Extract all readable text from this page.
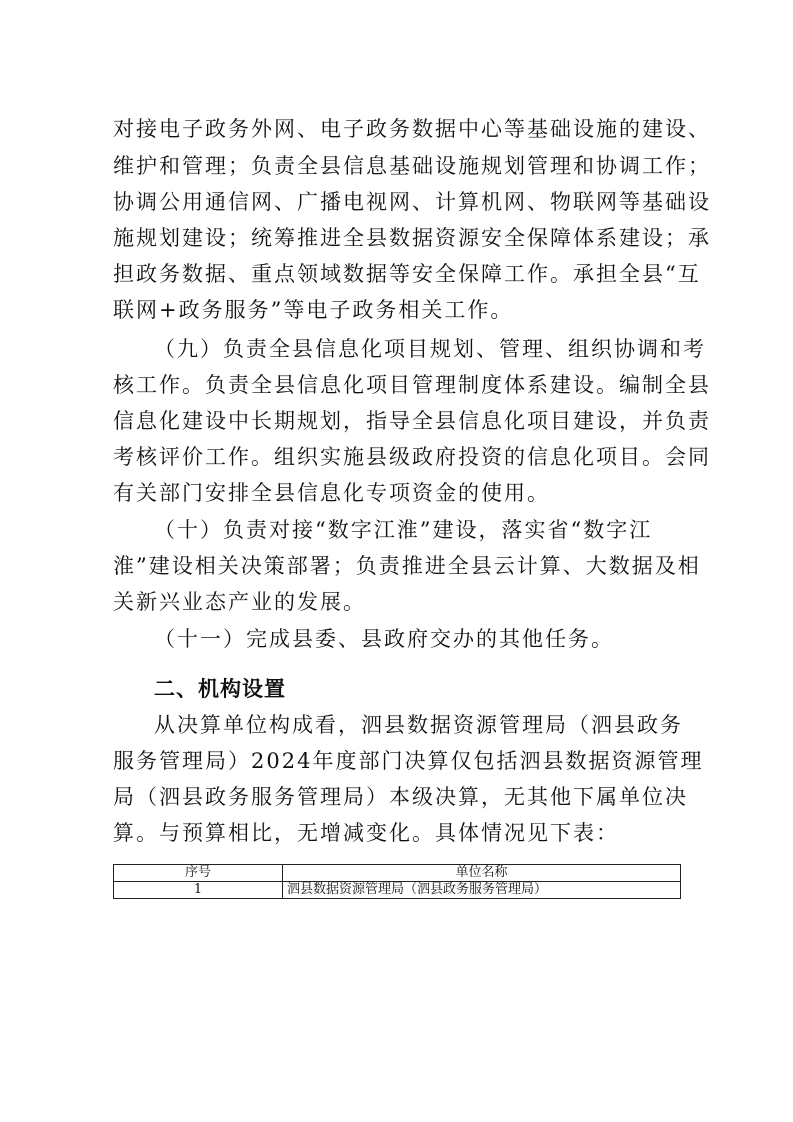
对接电子政务外网、电子政务数据中心等基础设施的建设、
维护和管理；负责全县信息基础设施规划管理和协调工作；
协调公用通信网、广播电视网、计算机网、物联网等基础设
施规划建设；统筹推进全县数据资源安全保障体系建设；承
担政务数据、重点领域数据等安全保障工作。承担全县“互
联网+政务服务”等电子政务相关工作。
（九）负责全县信息化项目规划、管理、组织协调和考
核工作。负责全县信息化项目管理制度体系建设。编制全县
信息化建设中长期规划，指导全县信息化项目建设，并负责
考核评价工作。组织实施县级政府投资的信息化项目。会同
有关部门安排全县信息化专项资金的使用。
（十）负责对接“数字江淮”建设，落实省“数字江
淮”建设相关决策部署；负责推进全县云计算、大数据及相
关新兴业态产业的发展。
（十一）完成县委、县政府交办的其他任务。
二、机构设置
从决算单位构成看，泗县数据资源管理局（泗县政务
服务管理局）2024年度部门决算仅包括泗县数据资源管理
局（泗县政务服务管理局）本级决算，无其他下属单位决
算。与预算相比，无增减变化。具体情况见下表：
序号	单位名称
1	泗县数据资源管理局（泗县政务服务管理局）
